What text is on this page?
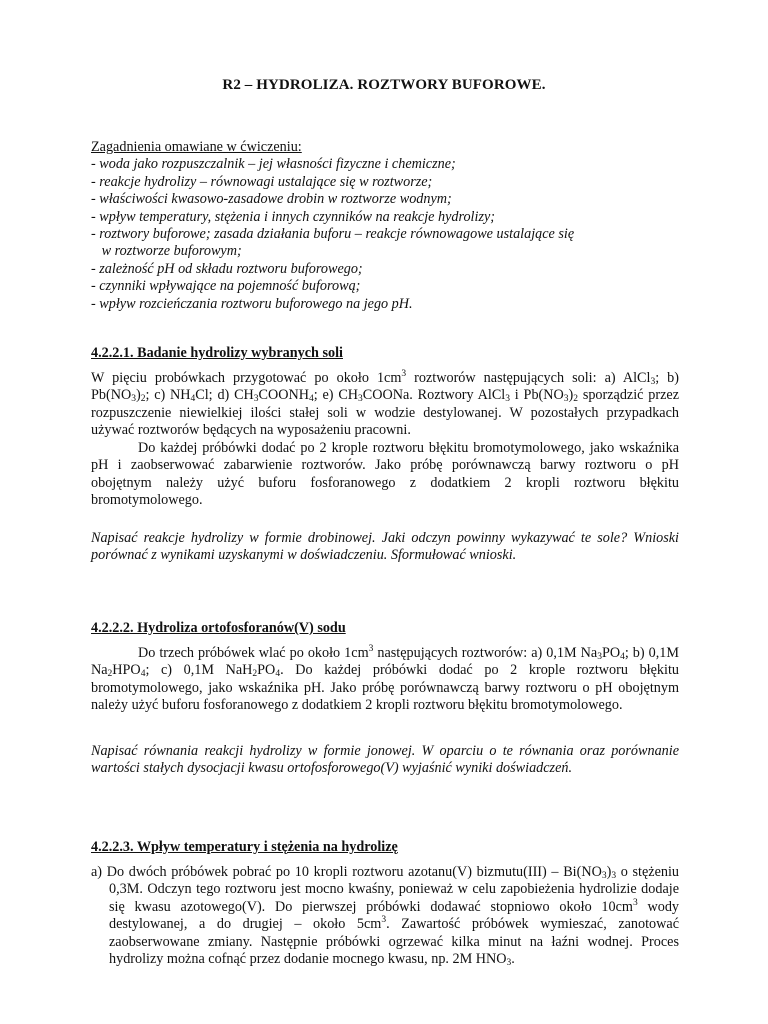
R2 – HYDROLIZA. ROZTWORY BUFOROWE.
Zagadnienia omawiane w ćwiczeniu:
- woda jako rozpuszczalnik – jej własności fizyczne i chemiczne;
- reakcje hydrolizy – równowagi ustalające się w roztworze;
- właściwości kwasowo-zasadowe drobin w roztworze wodnym;
- wpływ temperatury, stężenia i innych czynników na reakcje hydrolizy;
- roztwory buforowe; zasada działania buforu – reakcje równowagowe ustalające się
w roztworze buforowym;
- zależność pH od składu roztworu buforowego;
- czynniki wpływające na pojemność buforową;
- wpływ rozcieńczania roztworu buforowego na jego pH.
4.2.2.1. Badanie hydrolizy wybranych soli
W pięciu probówkach przygotować po około $1cm^3$ roztworów następujących soli: a) AlCl$_3$; b) $Pb(NO_3)_2$; c) $NH_4Cl$; d) $CH_3COONH_4$; e) $CH_3COONa$. Roztwory AlCl$_3$ i $Pb(NO_3)_2$ sporządzić przez rozpuszczenie niewielkiej ilości stałej soli w wodzie destylowanej. W pozostałych przypadkach używać roztworów będących na wyposażeniu pracowni.
Do każdej próbówki dodać po 2 krople roztworu błękitu bromotymolowego, jako wskaźnika pH i zaobserwować zabarwienie roztworów. Jako próbę porównawczą barwy roztworu o pH obojętnym należy użyć buforu fosforanowego z dodatkiem 2 kropli roztworu błękitu bromotymolowego.
Napisać reakcje hydrolizy w formie drobinowej. Jaki odczyn powinny wykazywać te sole? Wnioski porównać z wynikami uzyskanymi w doświadczeniu. Sformułować wnioski.
4.2.2.2. Hydroliza ortofosforanów(V) sodu
Do trzech próbówek wlać po około $1cm^3$ następujących roztworów: a) 0,1M $Na_3PO_4$; b) 0,1M $Na_2HPO_4$; c) 0,1M $NaH_2PO_4$. Do każdej próbówki dodać po 2 krople roztworu błękitu bromotymolowego, jako wskaźnika pH. Jako próbę porównawczą barwy roztworu o pH obojętnym należy użyć buforu fosforanowego z dodatkiem 2 kropli roztworu błękitu bromotymolowego.
Napisać równania reakcji hydrolizy w formie jonowej. W oparciu o te równania oraz porównanie wartości stałych dysocjacji kwasu ortofosforowego(V) wyjaśnić wyniki doświadczeń.
4.2.2.3. Wpływ temperatury i stężenia na hydrolizę
a) Do dwóch próbówek pobrać po 10 kropli roztworu azotanu(V) bizmutu(III) – $Bi(NO_3)_3$ o stężeniu 0,3M. Odczyn tego roztworu jest mocno kwaśny, ponieważ w celu zapobieżenia hydrolizie dodaje się kwasu azotowego(V). Do pierwszej próbówki dodawać stopniowo około $10cm^3$ wody destylowanej, a do drugiej – około $5cm^3$. Zawartość próbówek wymieszać, zanotować zaobserwowane zmiany. Następnie próbówki ogrzewać kilka minut na łaźni wodnej. Proces hydrolizy można cofnąć przez dodanie mocnego kwasu, np. 2M $HNO_3$.
